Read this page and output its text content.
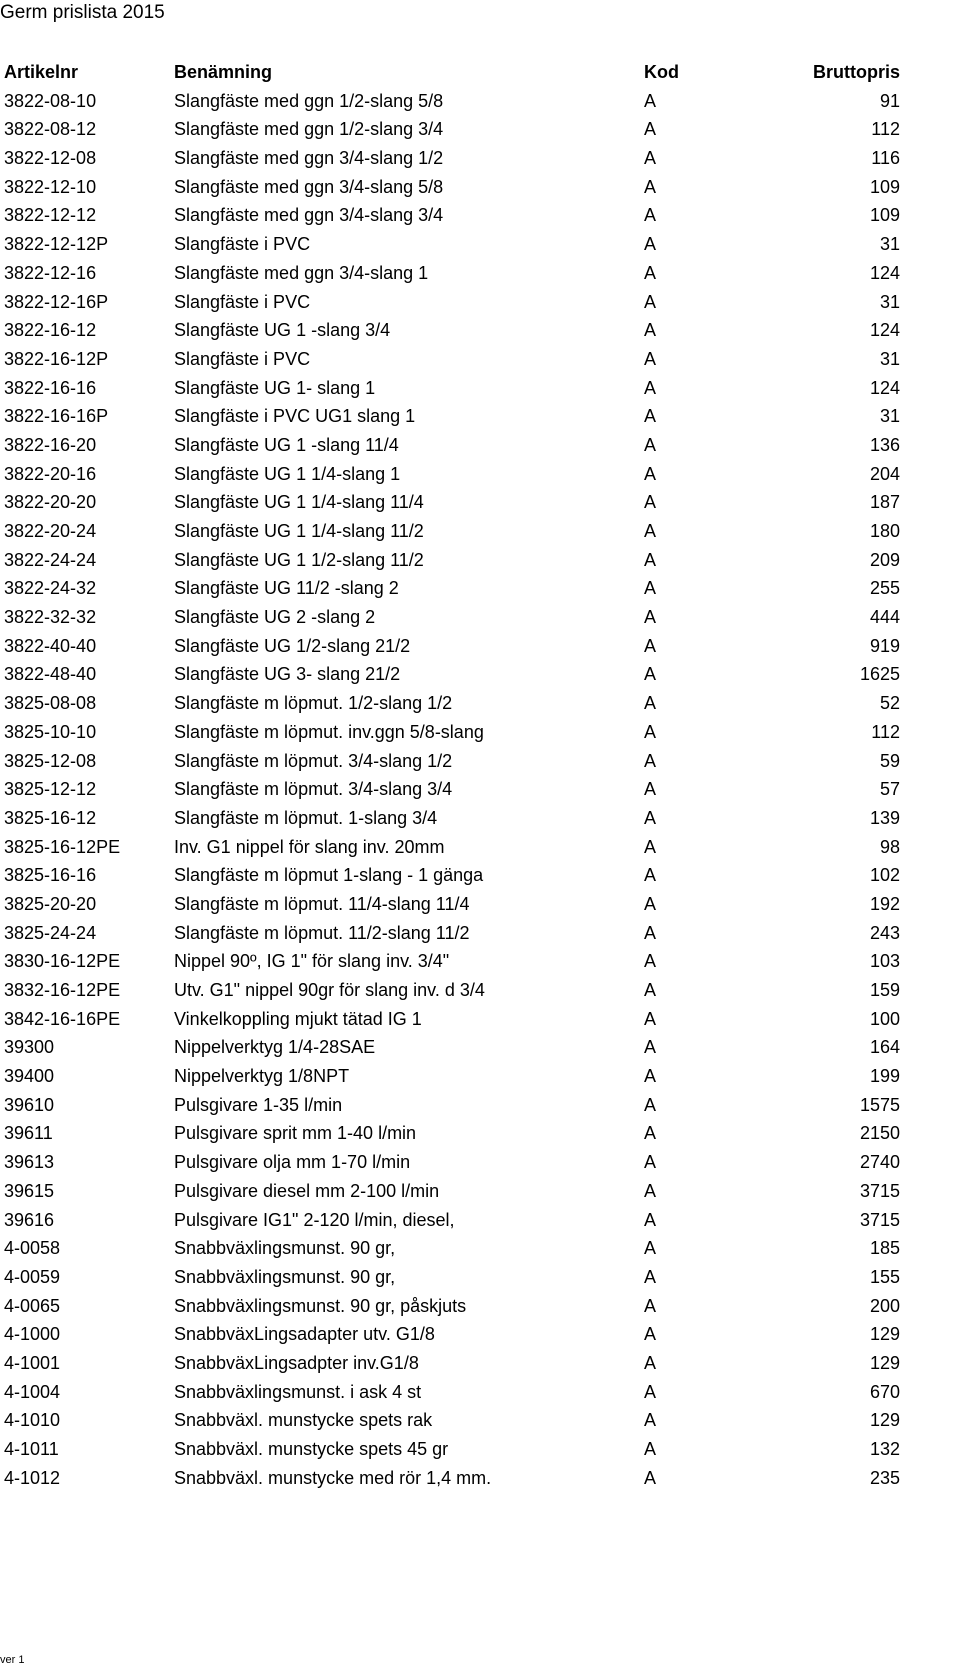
Germ prislista 2015
Artikelnr	Benämning	Kod	Bruttopris
3822-08-10	Slangfäste med ggn 1/2-slang 5/8	A	91
3822-08-12	Slangfäste med ggn 1/2-slang 3/4	A	112
3822-12-08	Slangfäste med ggn 3/4-slang 1/2	A	116
3822-12-10	Slangfäste med ggn 3/4-slang 5/8	A	109
3822-12-12	Slangfäste med ggn 3/4-slang 3/4	A	109
3822-12-12P	Slangfäste i PVC	A	31
3822-12-16	Slangfäste med ggn 3/4-slang 1	A	124
3822-12-16P	Slangfäste i PVC	A	31
3822-16-12	Slangfäste UG 1 -slang 3/4	A	124
3822-16-12P	Slangfäste i PVC	A	31
3822-16-16	Slangfäste UG 1- slang 1	A	124
3822-16-16P	Slangfäste i PVC UG1 slang 1	A	31
3822-16-20	Slangfäste UG 1 -slang 11/4	A	136
3822-20-16	Slangfäste UG 1 1/4-slang 1	A	204
3822-20-20	Slangfäste UG 1 1/4-slang 11/4	A	187
3822-20-24	Slangfäste UG 1 1/4-slang 11/2	A	180
3822-24-24	Slangfäste UG 1 1/2-slang 11/2	A	209
3822-24-32	Slangfäste UG 11/2 -slang 2	A	255
3822-32-32	Slangfäste UG 2 -slang 2	A	444
3822-40-40	Slangfäste UG 1/2-slang 21/2	A	919
3822-48-40	Slangfäste UG 3- slang 21/2	A	1625
3825-08-08	Slangfäste m löpmut. 1/2-slang 1/2	A	52
3825-10-10	Slangfäste m löpmut. inv.ggn 5/8-slang	A	112
3825-12-08	Slangfäste m löpmut. 3/4-slang 1/2	A	59
3825-12-12	Slangfäste m löpmut. 3/4-slang 3/4	A	57
3825-16-12	Slangfäste m löpmut. 1-slang 3/4	A	139
3825-16-12PE	Inv. G1 nippel för slang inv. 20mm	A	98
3825-16-16	Slangfäste m löpmut 1-slang - 1 gänga	A	102
3825-20-20	Slangfäste m löpmut. 11/4-slang 11/4	A	192
3825-24-24	Slangfäste m löpmut. 11/2-slang 11/2	A	243
3830-16-12PE	Nippel 90º, IG 1" för slang inv. 3/4"	A	103
3832-16-12PE	Utv. G1" nippel 90gr för slang inv. d 3/4	A	159
3842-16-16PE	Vinkelkoppling mjukt tätad IG 1	A	100
39300	Nippelverktyg 1/4-28SAE	A	164
39400	Nippelverktyg 1/8NPT	A	199
39610	Pulsgivare 1-35 l/min	A	1575
39611	Pulsgivare sprit mm 1-40 l/min	A	2150
39613	Pulsgivare olja mm 1-70 l/min	A	2740
39615	Pulsgivare diesel mm 2-100 l/min	A	3715
39616	Pulsgivare IG1" 2-120 l/min, diesel,	A	3715
4-0058	Snabbväxlingsmunst. 90 gr,	A	185
4-0059	Snabbväxlingsmunst. 90 gr,	A	155
4-0065	Snabbväxlingsmunst. 90 gr, påskjuts	A	200
4-1000	SnabbväxLingsadapter utv. G1/8	A	129
4-1001	SnabbväxLingsadpter inv.G1/8	A	129
4-1004	Snabbväxlingsmunst. i ask 4 st	A	670
4-1010	Snabbväxl. munstycke spets rak	A	129
4-1011	Snabbväxl. munstycke spets 45 gr	A	132
4-1012	Snabbväxl. munstycke med rör 1,4 mm.	A	235
ver 1
